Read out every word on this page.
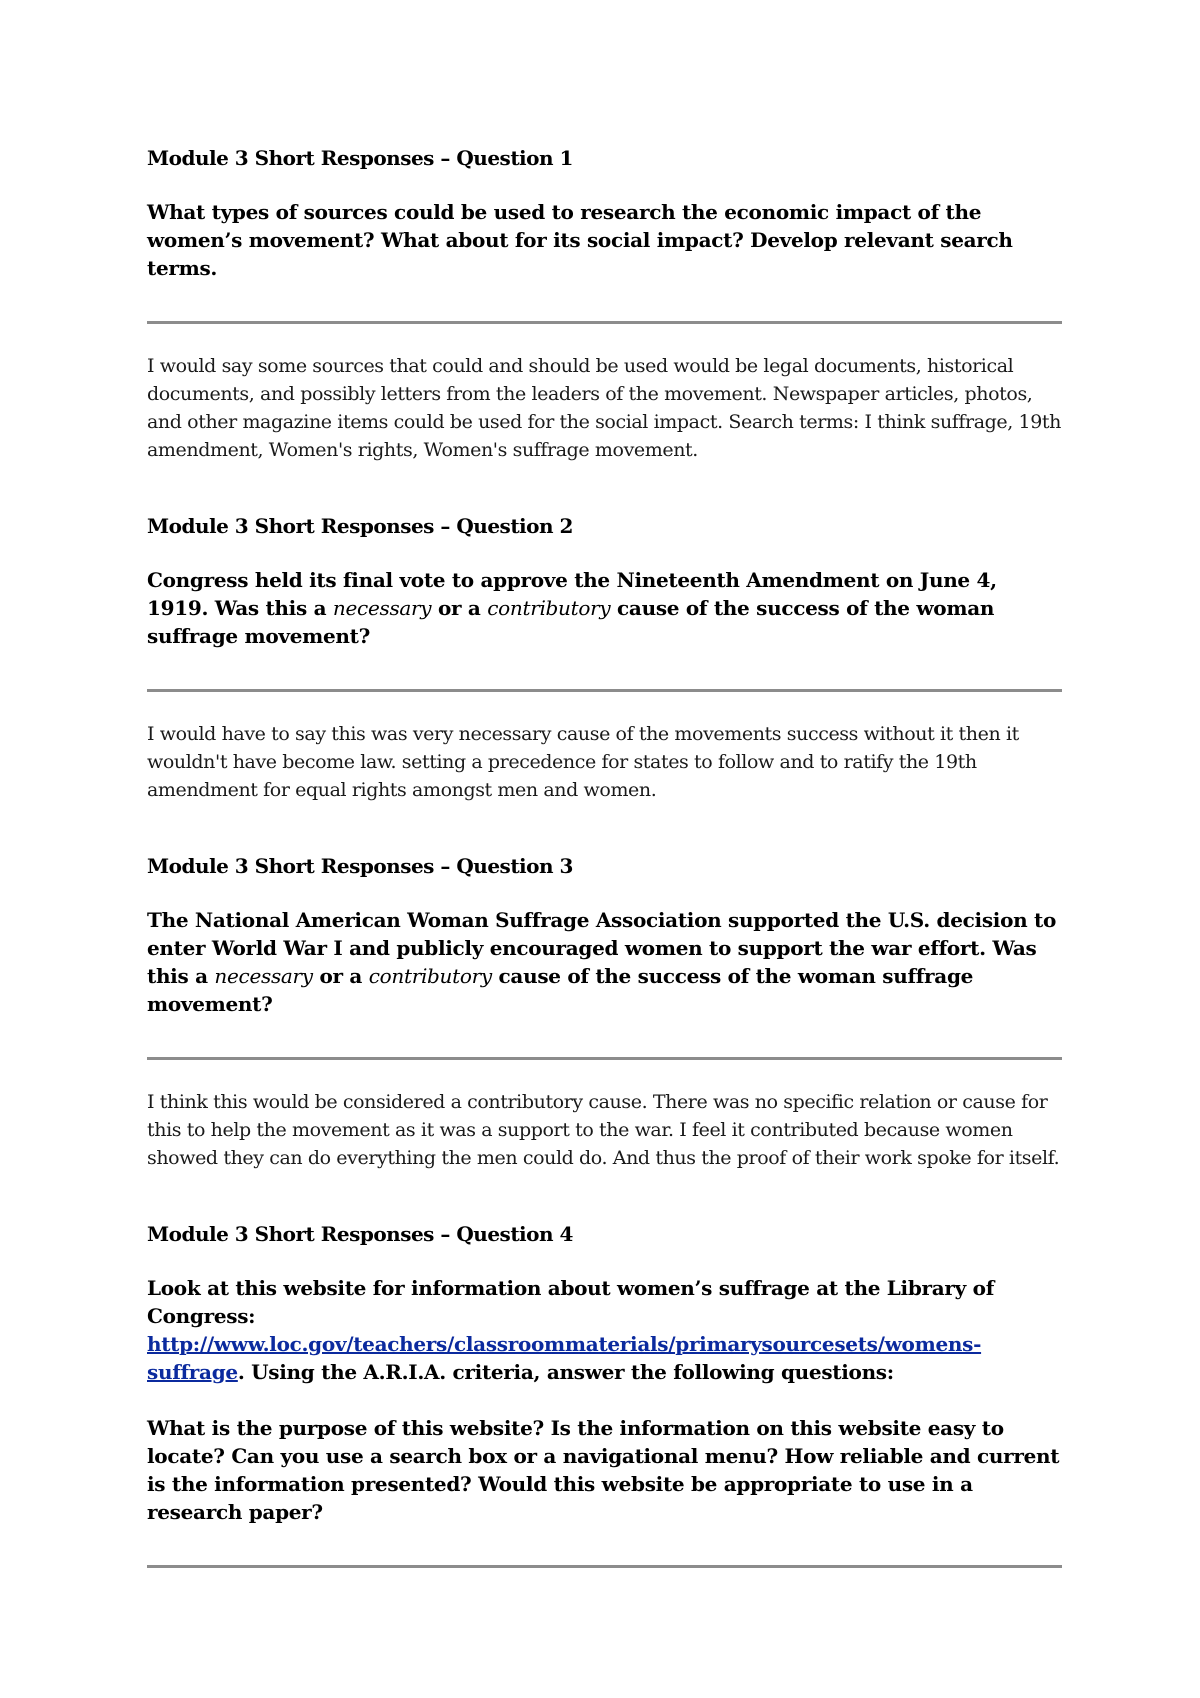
Module 3 Short Responses – Question 1

What types of sources could be used to research the economic impact of the women’s movement? What about for its social impact? Develop relevant search terms.

I would say some sources that could and should be used would be legal documents, historical documents, and possibly letters from the leaders of the movement. Newspaper articles, photos, and other magazine items could be used for the social impact. Search terms: I think suffrage, 19th amendment, Women's rights, Women's suffrage movement.

Module 3 Short Responses – Question 2

Congress held its final vote to approve the Nineteenth Amendment on June 4, 1919. Was this a necessary or a contributory cause of the success of the woman suffrage movement?

I would have to say this was very necessary cause of the movements success without it then it wouldn't have become law. setting a precedence for states to follow and to ratify the 19th amendment for equal rights amongst men and women.

Module 3 Short Responses – Question 3

The National American Woman Suffrage Association supported the U.S. decision to enter World War I and publicly encouraged women to support the war effort. Was this a necessary or a contributory cause of the success of the woman suffrage movement?

I think this would be considered a contributory cause. There was no specific relation or cause for this to help the movement as it was a support to the war. I feel it contributed because women showed they can do everything the men could do. And thus the proof of their work spoke for itself.

Module 3 Short Responses – Question 4

Look at this website for information about women’s suffrage at the Library of Congress: http://www.loc.gov/teachers/classroommaterials/primarysourcesets/womens-suffrage. Using the A.R.I.A. criteria, answer the following questions:

What is the purpose of this website? Is the information on this website easy to locate? Can you use a search box or a navigational menu? How reliable and current is the information presented? Would this website be appropriate to use in a research paper?
